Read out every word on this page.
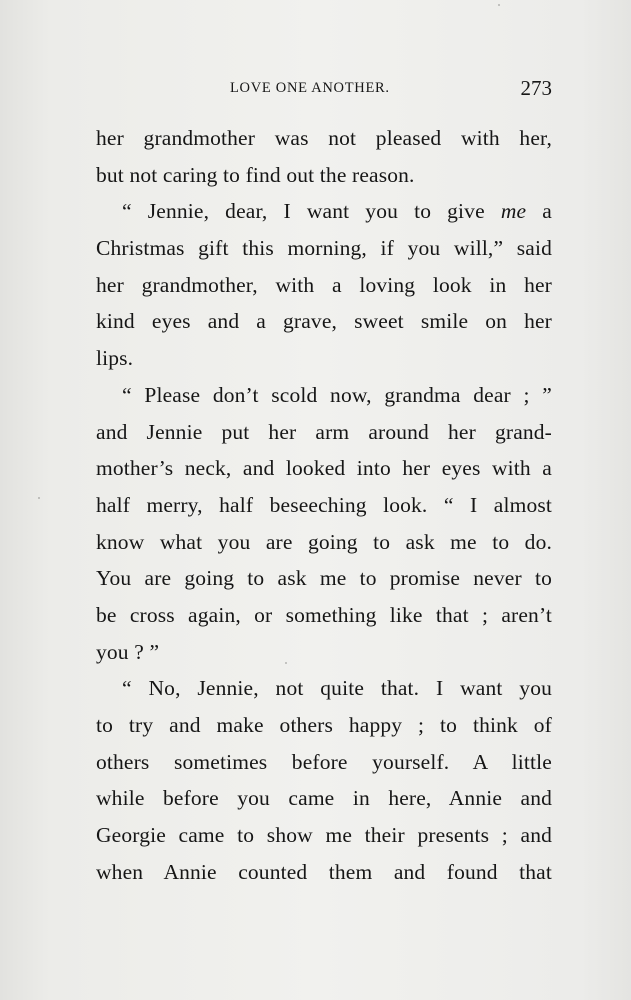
LOVE ONE ANOTHER.	273
her grandmother was not pleased with her,
but not caring to find out the reason.
“ Jennie, dear, I want you to give me a
Christmas gift this morning, if you will,” said
her grandmother, with a loving look in her
kind eyes and a grave, sweet smile on her
lips.
“ Please don’t scold now, grandma dear ; ”
and Jennie put her arm around her grand-
mother’s neck, and looked into her eyes with a
half merry, half beseeching look. “ I almost
know what you are going to ask me to do.
You are going to ask me to promise never to
be cross again, or something like that ; aren’t
you ? ”
“ No, Jennie, not quite that. I want you
to try and make others happy ; to think of
others sometimes before yourself. A little
while before you came in here, Annie and
Georgie came to show me their presents ; and
when Annie counted them and found that
